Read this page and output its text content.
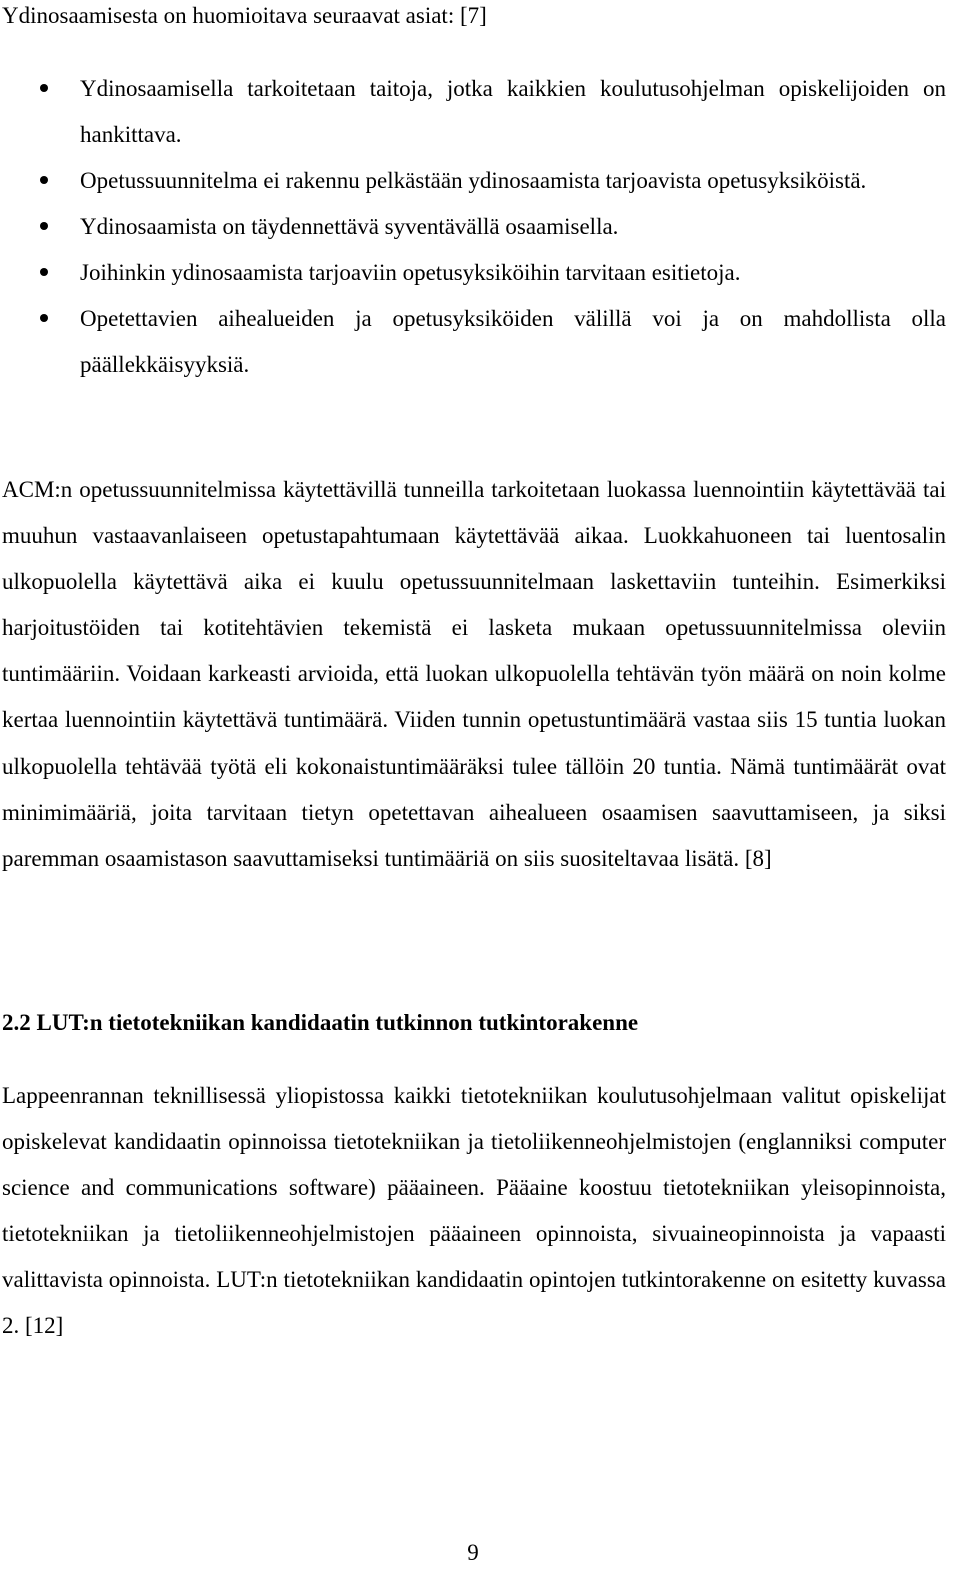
Ydinosaamisesta on huomioitava seuraavat asiat: [7]

Ydinosaamisella tarkoitetaan taitoja, jotka kaikkien koulutusohjelman opiskelijoiden on hankittava.
Opetussuunnitelma ei rakennu pelkästään ydinosaamista tarjoavista opetusyksiköistä.
Ydinosaamista on täydennettävä syventävällä osaamisella.
Joihinkin ydinosaamista tarjoaviin opetusyksiköihin tarvitaan esitietoja.
Opetettavien aihealueiden ja opetusyksiköiden välillä voi ja on mahdollista olla päällekkäisyyksiä.

ACM:n opetussuunnitelmissa käytettävillä tunneilla tarkoitetaan luokassa luennointiin käytettävää tai muuhun vastaavanlaiseen opetustapahtumaan käytettävää aikaa. Luokkahuoneen tai luentosalin ulkopuolella käytettävä aika ei kuulu opetussuunnitelmaan laskettaviin tunteihin. Esimerkiksi harjoitustöiden tai kotitehtävien tekemistä ei lasketa mukaan opetussuunnitelmissa oleviin tuntimääriin. Voidaan karkeasti arvioida, että luokan ulkopuolella tehtävän työn määrä on noin kolme kertaa luennointiin käytettävä tuntimäärä. Viiden tunnin opetustuntimäärä vastaa siis 15 tuntia luokan ulkopuolella tehtävää työtä eli kokonaistuntimääräksi tulee tällöin 20 tuntia. Nämä tuntimäärät ovat minimimääriä, joita tarvitaan tietyn opetettavan aihealueen osaamisen saavuttamiseen, ja siksi paremman osaamistason saavuttamiseksi tuntimääriä on siis suositeltavaa lisätä. [8]

2.2 LUT:n tietotekniikan kandidaatin tutkinnon tutkintorakenne

Lappeenrannan teknillisessä yliopistossa kaikki tietotekniikan koulutusohjelmaan valitut opiskelijat opiskelevat kandidaatin opinnoissa tietotekniikan ja tietoliikenneohjelmistojen (englanniksi computer science and communications software) pääaineen. Pääaine koostuu tietotekniikan yleisopinnoista, tietotekniikan ja tietoliikenneohjelmistojen pääaineen opinnoista, sivuaineopinnoista ja vapaasti valittavista opinnoista. LUT:n tietotekniikan kandidaatin opintojen tutkintorakenne on esitetty kuvassa 2. [12]

9
